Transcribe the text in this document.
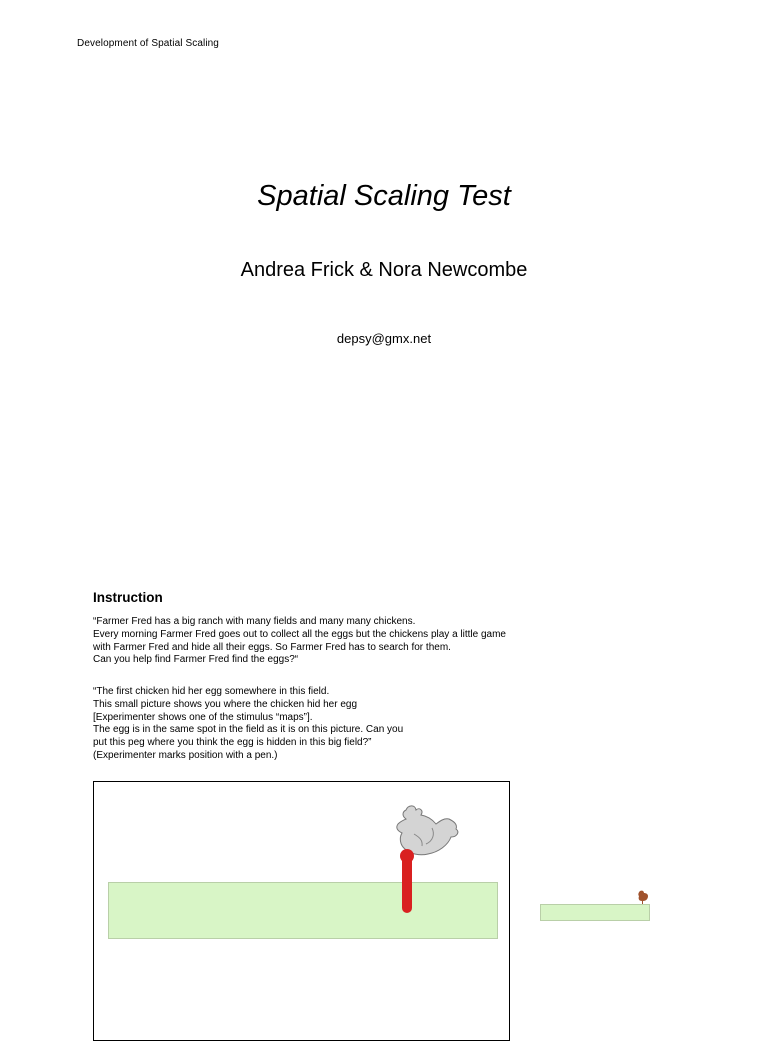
Development of Spatial Scaling
Spatial Scaling Test
Andrea Frick & Nora Newcombe
depsy@gmx.net
Instruction
“Farmer Fred has a big ranch with many fields and many many chickens.
Every morning Farmer Fred goes out to collect all the eggs but the chickens play a little game
with Farmer Fred and hide all their eggs. So Farmer Fred has to search for them.
Can you help find Farmer Fred find the eggs?“
“The first chicken hid her egg somewhere in this field.
This small picture shows you where the chicken hid her egg
[Experimenter shows one of the stimulus “maps”].
The egg is in the same spot in the field as it is on this picture. Can you
put this peg where you think the egg is hidden in this big field?”
(Experimenter marks position with a pen.)
